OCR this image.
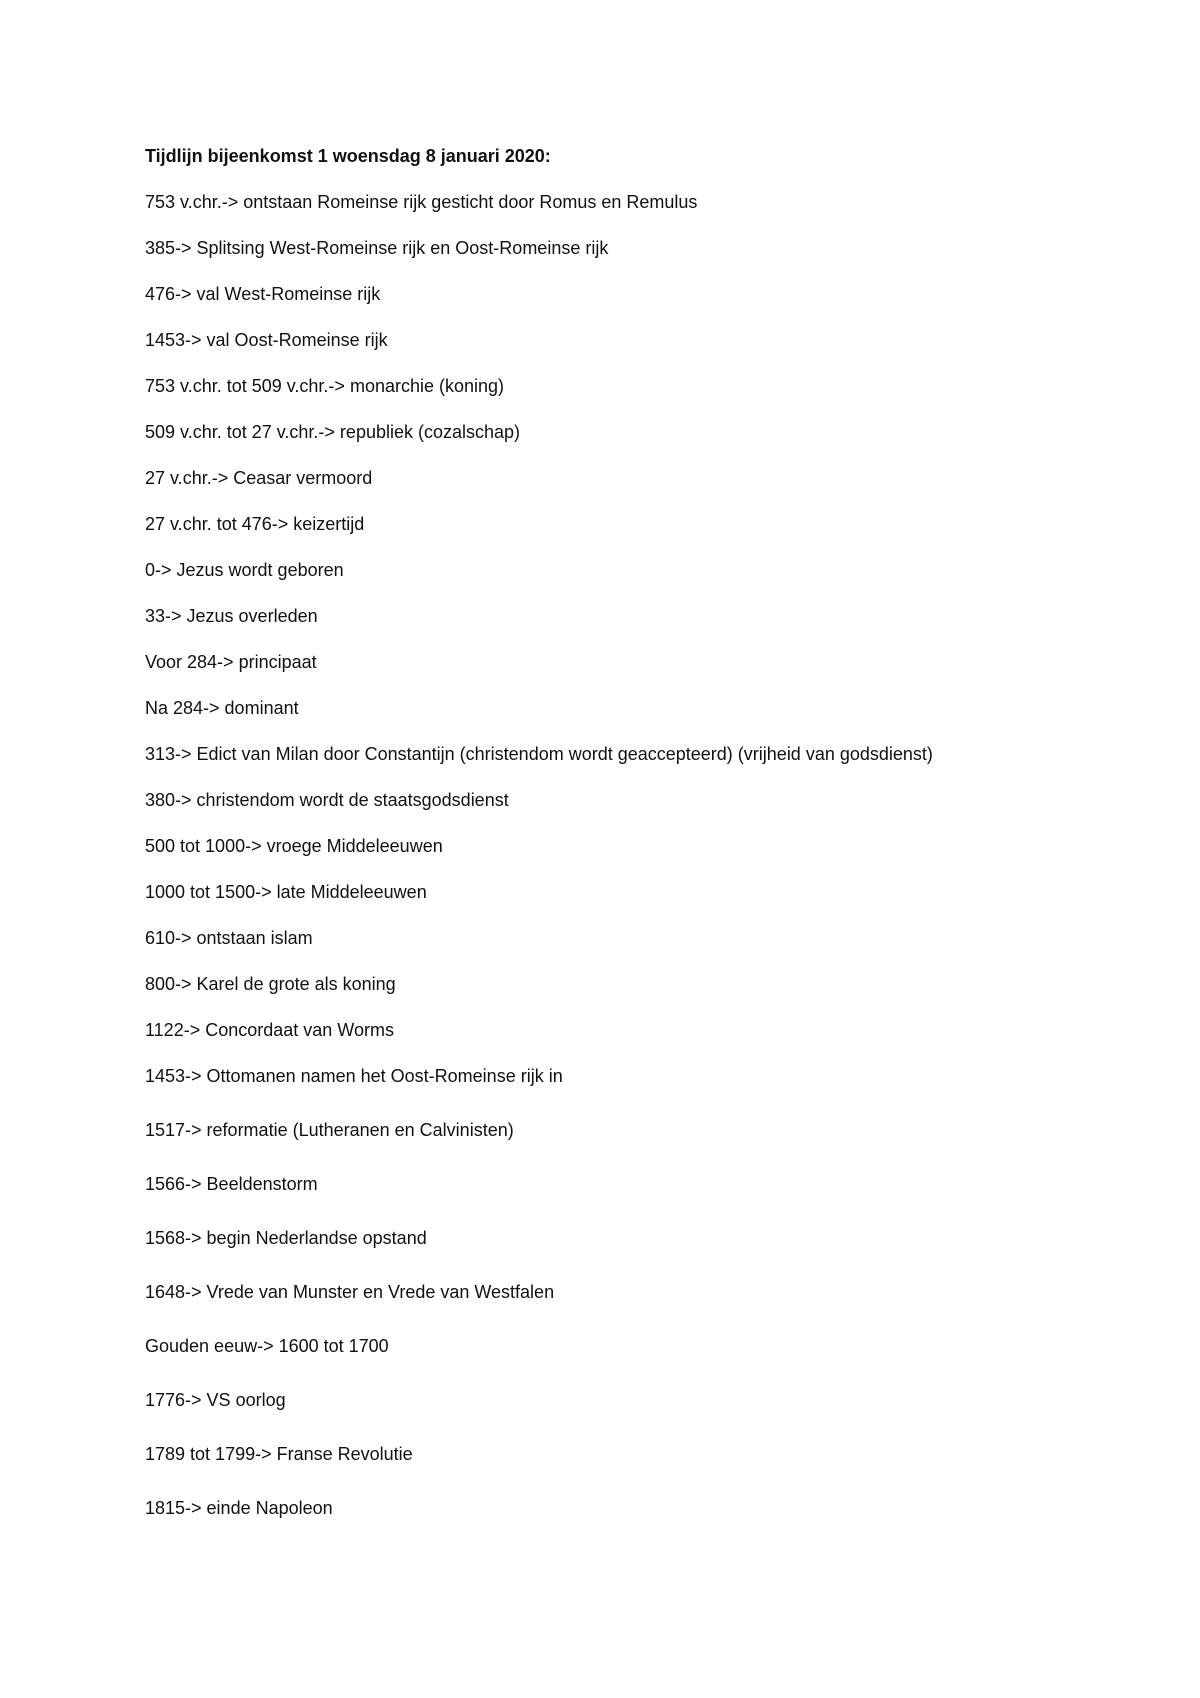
Tijdlijn bijeenkomst 1 woensdag 8 januari 2020:
753 v.chr.-> ontstaan Romeinse rijk gesticht door Romus en Remulus
385-> Splitsing West-Romeinse rijk en Oost-Romeinse rijk
476-> val West-Romeinse rijk
1453-> val Oost-Romeinse rijk
753 v.chr. tot 509 v.chr.-> monarchie (koning)
509 v.chr. tot 27 v.chr.-> republiek (cozalschap)
27 v.chr.-> Ceasar vermoord
27 v.chr. tot 476-> keizertijd
0-> Jezus wordt geboren
33-> Jezus overleden
Voor 284-> principaat
Na 284-> dominant
313-> Edict van Milan door Constantijn (christendom wordt geaccepteerd) (vrijheid van godsdienst)
380-> christendom wordt de staatsgodsdienst
500 tot 1000-> vroege Middeleeuwen
1000 tot 1500-> late Middeleeuwen
610-> ontstaan islam
800-> Karel de grote als koning
1122-> Concordaat van Worms
1453-> Ottomanen namen het Oost-Romeinse rijk in
1517-> reformatie (Lutheranen en Calvinisten)
1566-> Beeldenstorm
1568-> begin Nederlandse opstand
1648-> Vrede van Munster en Vrede van Westfalen
Gouden eeuw-> 1600 tot 1700
1776-> VS oorlog
1789 tot 1799-> Franse Revolutie
1815-> einde Napoleon
